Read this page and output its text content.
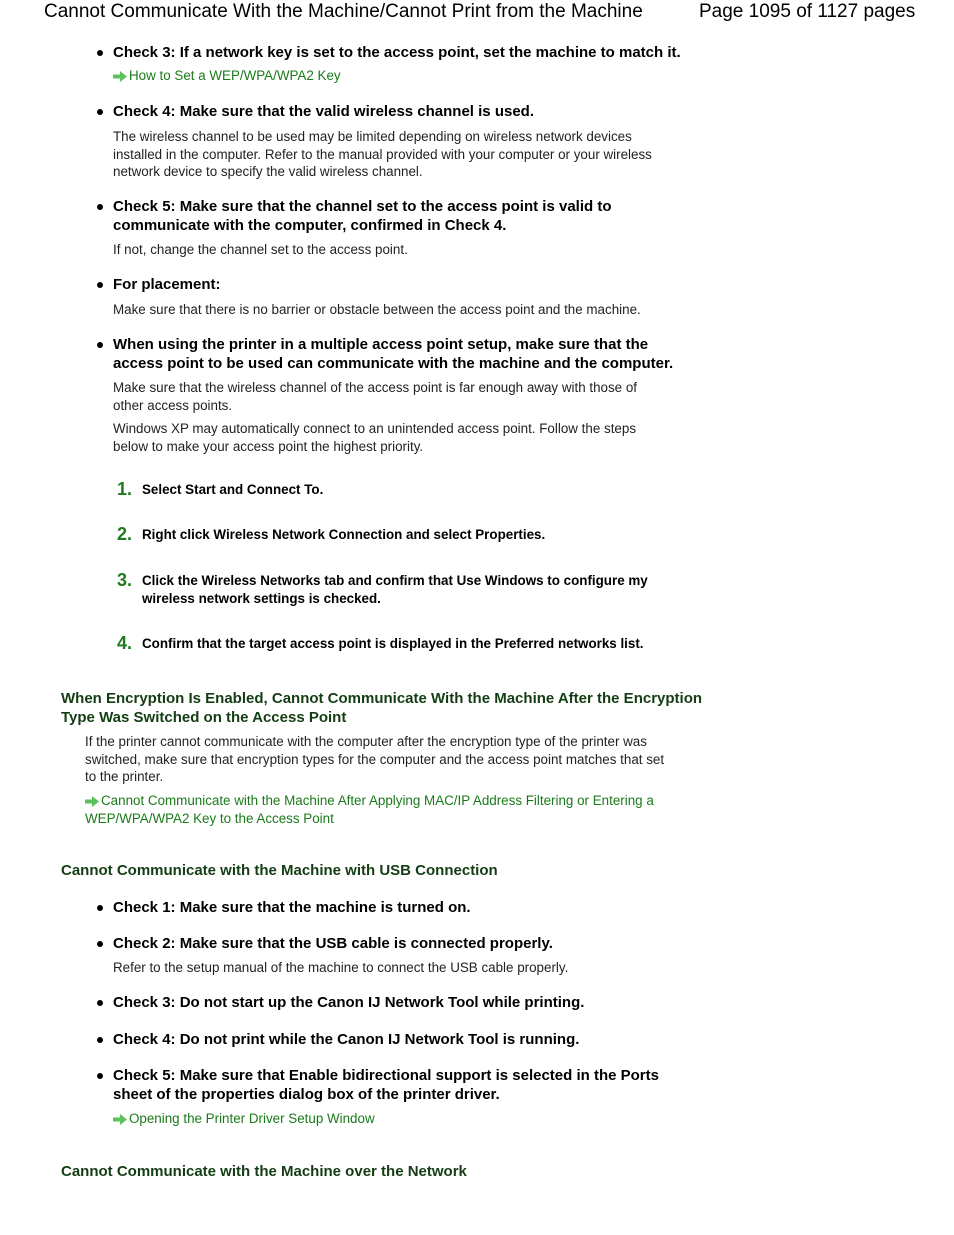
Cannot Communicate With the Machine/Cannot Print from the Machine	Page 1095 of 1127 pages
Check 3: If a network key is set to the access point, set the machine to match it.
How to Set a WEP/WPA/WPA2 Key
Check 4: Make sure that the valid wireless channel is used.
The wireless channel to be used may be limited depending on wireless network devices
installed in the computer. Refer to the manual provided with your computer or your wireless
network device to specify the valid wireless channel.
Check 5: Make sure that the channel set to the access point is valid to
communicate with the computer, confirmed in Check 4.
If not, change the channel set to the access point.
For placement:
Make sure that there is no barrier or obstacle between the access point and the machine.
When using the printer in a multiple access point setup, make sure that the
access point to be used can communicate with the machine and the computer.
Make sure that the wireless channel of the access point is far enough away with those of
other access points.
Windows XP may automatically connect to an unintended access point. Follow the steps
below to make your access point the highest priority.
1. Select Start and Connect To.
2. Right click Wireless Network Connection and select Properties.
3. Click the Wireless Networks tab and confirm that Use Windows to configure my
wireless network settings is checked.
4. Confirm that the target access point is displayed in the Preferred networks list.
When Encryption Is Enabled, Cannot Communicate With the Machine After the Encryption
Type Was Switched on the Access Point
If the printer cannot communicate with the computer after the encryption type of the printer was
switched, make sure that encryption types for the computer and the access point matches that set
to the printer.
Cannot Communicate with the Machine After Applying MAC/IP Address Filtering or Entering a
WEP/WPA/WPA2 Key to the Access Point
Cannot Communicate with the Machine with USB Connection
Check 1: Make sure that the machine is turned on.
Check 2: Make sure that the USB cable is connected properly.
Refer to the setup manual of the machine to connect the USB cable properly.
Check 3: Do not start up the Canon IJ Network Tool while printing.
Check 4: Do not print while the Canon IJ Network Tool is running.
Check 5: Make sure that Enable bidirectional support is selected in the Ports
sheet of the properties dialog box of the printer driver.
Opening the Printer Driver Setup Window
Cannot Communicate with the Machine over the Network
